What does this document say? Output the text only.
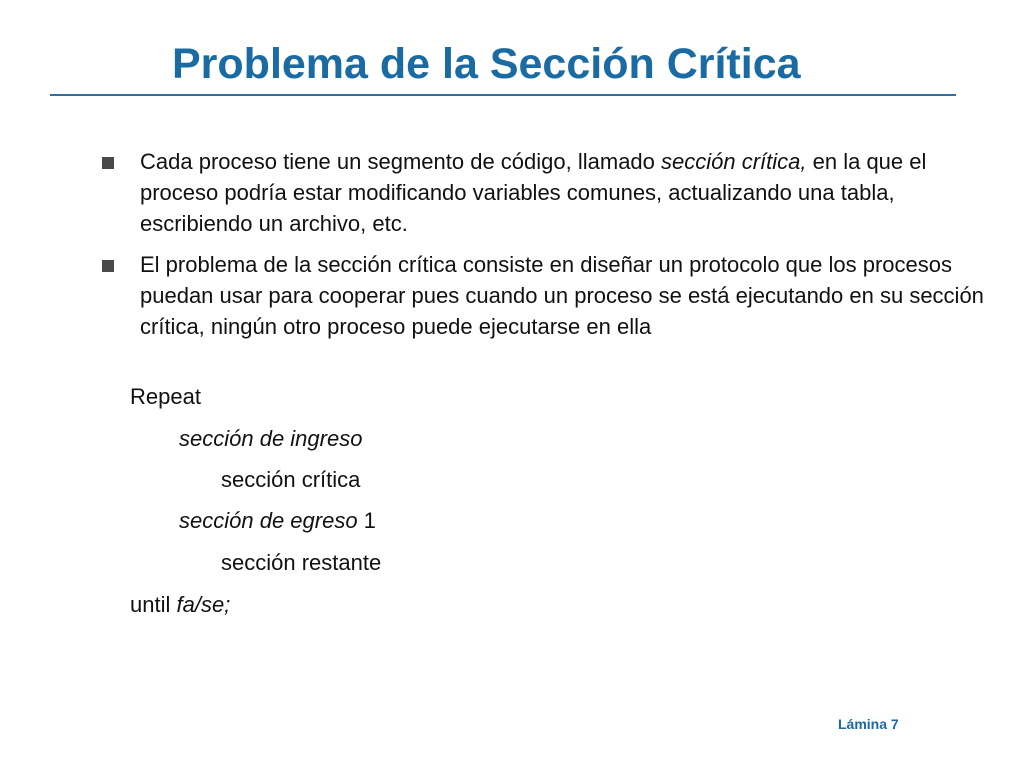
Problema de la Sección Crítica
Cada proceso tiene un segmento de código, llamado sección crítica, en la que el proceso podría estar modificando variables comunes, actualizando una tabla, escribiendo un archivo, etc.
El problema de la sección crítica consiste en diseñar un protocolo que los procesos puedan usar para cooperar pues cuando un proceso se está ejecutando en su sección crítica, ningún otro proceso puede ejecutarse en ella
Repeat
sección de ingreso
sección crítica
sección de egreso 1
sección restante
until fa/se;
Lámina 7
